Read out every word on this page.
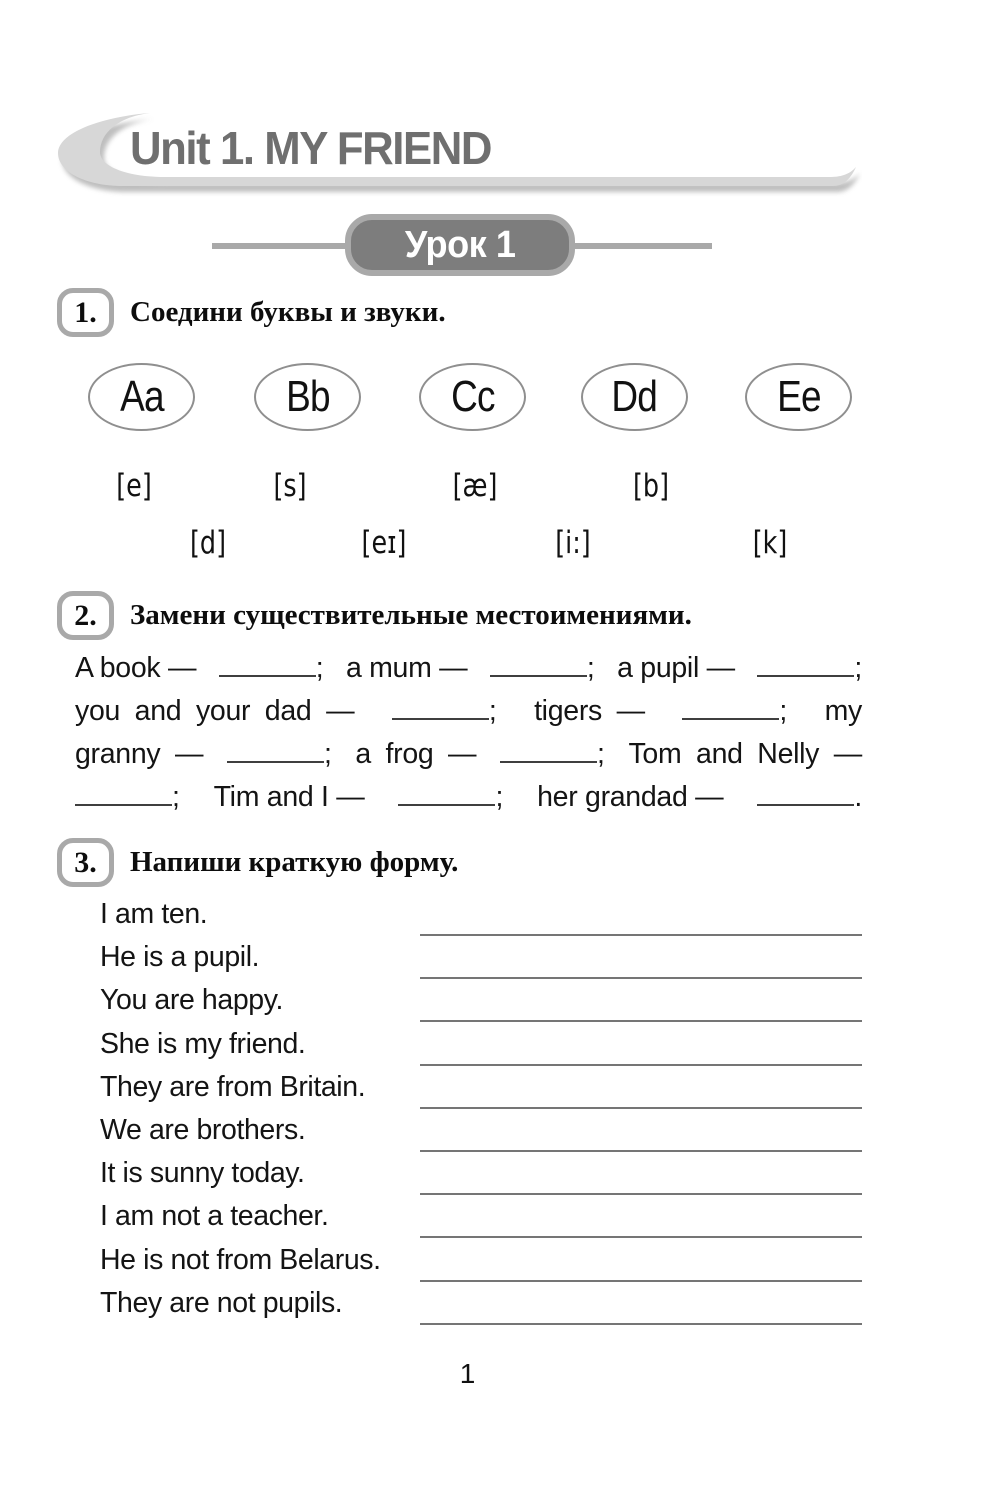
Unit 1. MY FRIEND
Урок 1
1. Соедини буквы и звуки.
Aa	Bb	Cc	Dd	Ee
[e]	[s]	[æ]	[b]
[d]	[eɪ]	[i:]	[k]
2. Замени существительные местоимениями.
A book —	; a mum —	; a pupil —	;
you and your dad —	; tigers —	; my
granny —	; a frog —	; Tom and Nelly —
; Tim and I —	; her grandad —	.
3. Напиши краткую форму.
I am ten.
He is a pupil.
You are happy.
She is my friend.
They are from Britain.
We are brothers.
It is sunny today.
I am not a teacher.
He is not from Belarus.
They are not pupils.
1
